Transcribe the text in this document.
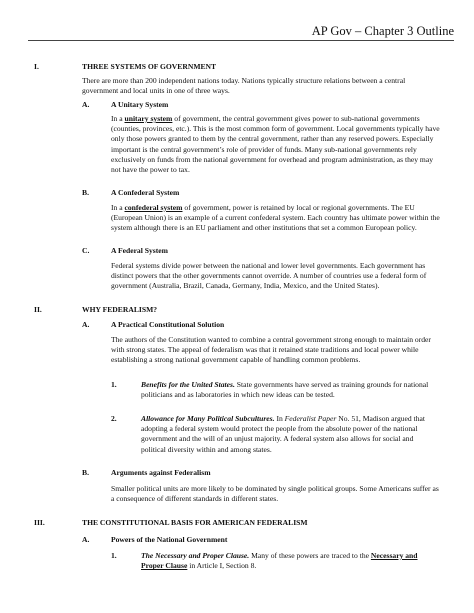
AP Gov – Chapter 3 Outline
I.	THREE SYSTEMS OF GOVERNMENT
There are more than 200 independent nations today. Nations typically structure relations between a central government and local units in one of three ways.
A.	A Unitary System
In a unitary system of government, the central government gives power to sub-national governments (counties, provinces, etc.). This is the most common form of government. Local governments typically have only those powers granted to them by the central government, rather than any reserved powers. Especially important is the central government’s role of provider of funds. Many sub-national governments rely exclusively on funds from the national government for overhead and program administration, as they may not have the power to tax.
B.	A Confederal System
In a confederal system of government, power is retained by local or regional governments. The EU (European Union) is an example of a current confederal system. Each country has ultimate power within the system although there is an EU parliament and other institutions that set a common European policy.
C.	A Federal System
Federal systems divide power between the national and lower level governments. Each government has distinct powers that the other governments cannot override. A number of countries use a federal form of government (Australia, Brazil, Canada, Germany, India, Mexico, and the United States).
II.	WHY FEDERALISM?
A.	A Practical Constitutional Solution
The authors of the Constitution wanted to combine a central government strong enough to maintain order with strong states. The appeal of federalism was that it retained state traditions and local power while establishing a strong national government capable of handling common problems.
1.	Benefits for the United States. State governments have served as training grounds for national politicians and as laboratories in which new ideas can be tested.
2.	Allowance for Many Political Subcultures. In Federalist Paper No. 51, Madison argued that adopting a federal system would protect the people from the absolute power of the national government and the will of an unjust majority. A federal system also allows for social and political diversity within and among states.
B.	Arguments against Federalism
Smaller political units are more likely to be dominated by single political groups. Some Americans suffer as a consequence of different standards in different states.
III.	THE CONSTITUTIONAL BASIS FOR AMERICAN FEDERALISM
A.	Powers of the National Government
1.	The Necessary and Proper Clause. Many of these powers are traced to the Necessary and Proper Clause in Article I, Section 8.
